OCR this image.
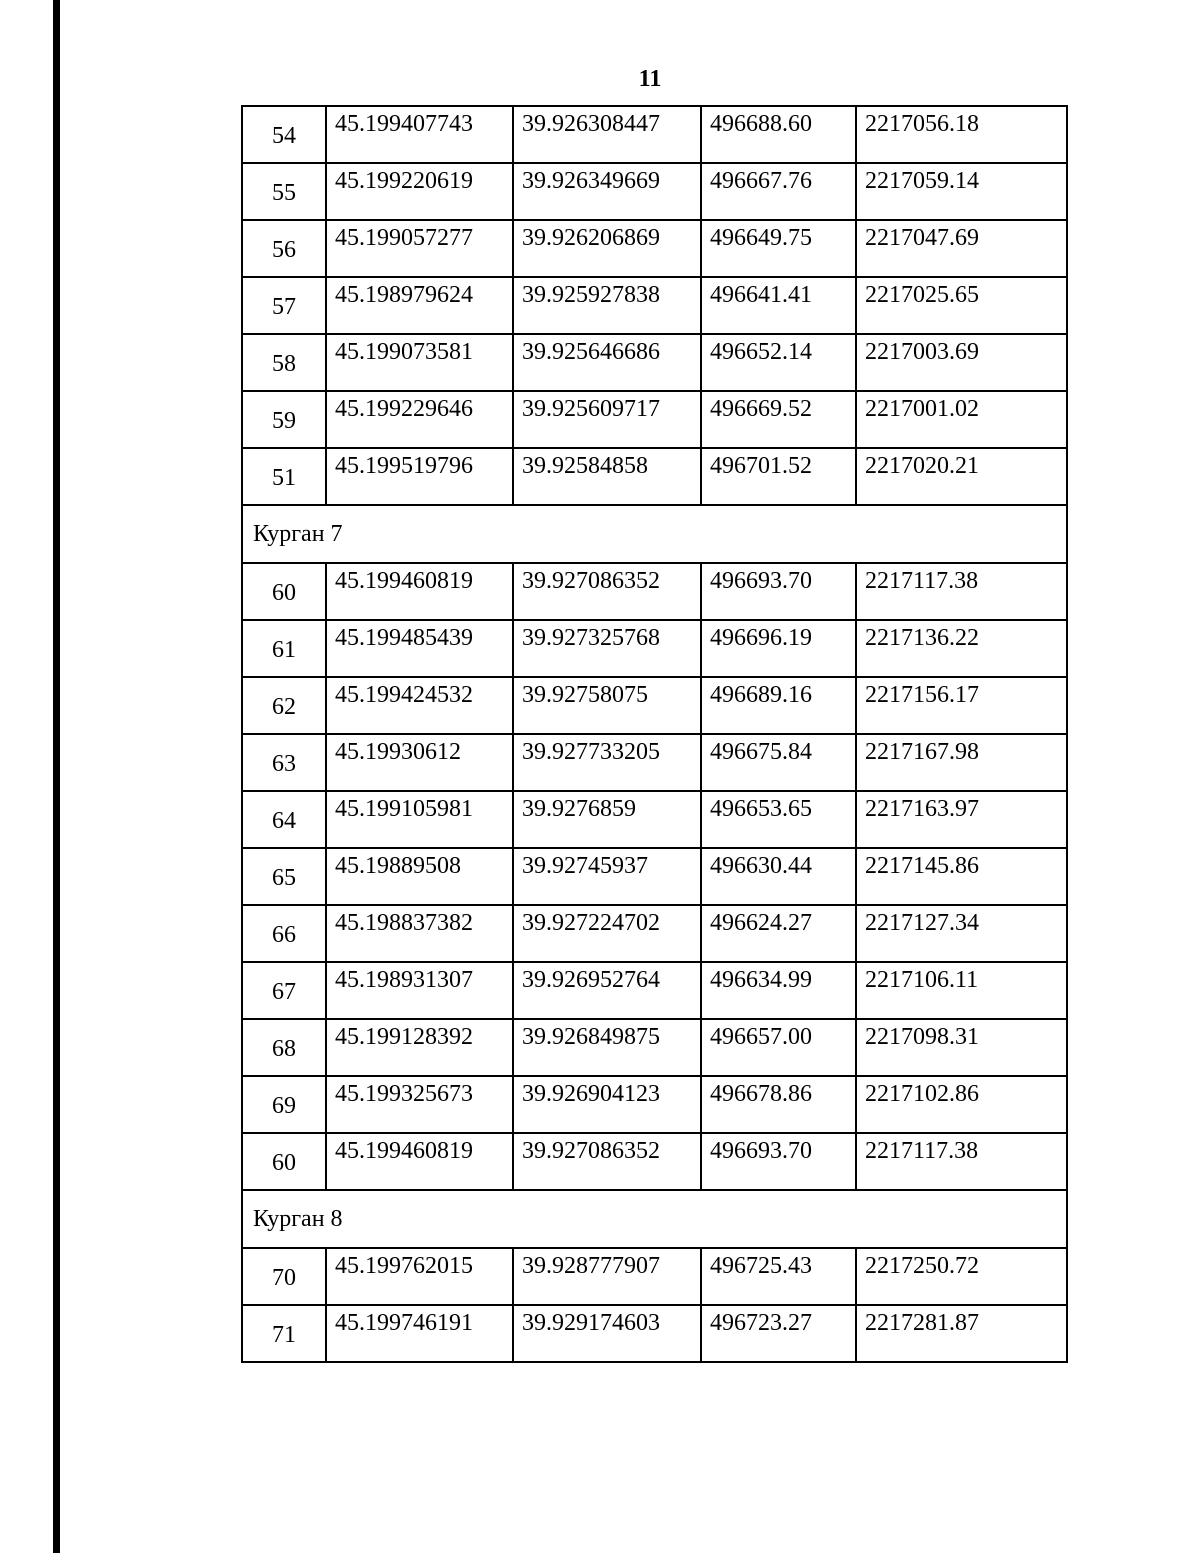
11
54	45.199407743	39.926308447	496688.60	2217056.18
55	45.199220619	39.926349669	496667.76	2217059.14
56	45.199057277	39.926206869	496649.75	2217047.69
57	45.198979624	39.925927838	496641.41	2217025.65
58	45.199073581	39.925646686	496652.14	2217003.69
59	45.199229646	39.925609717	496669.52	2217001.02
51	45.199519796	39.92584858	496701.52	2217020.21
Курган 7				
60	45.199460819	39.927086352	496693.70	2217117.38
61	45.199485439	39.927325768	496696.19	2217136.22
62	45.199424532	39.92758075	496689.16	2217156.17
63	45.19930612	39.927733205	496675.84	2217167.98
64	45.199105981	39.9276859	496653.65	2217163.97
65	45.19889508	39.92745937	496630.44	2217145.86
66	45.198837382	39.927224702	496624.27	2217127.34
67	45.198931307	39.926952764	496634.99	2217106.11
68	45.199128392	39.926849875	496657.00	2217098.31
69	45.199325673	39.926904123	496678.86	2217102.86
60	45.199460819	39.927086352	496693.70	2217117.38
Курган 8				
70	45.199762015	39.928777907	496725.43	2217250.72
71	45.199746191	39.929174603	496723.27	2217281.87
